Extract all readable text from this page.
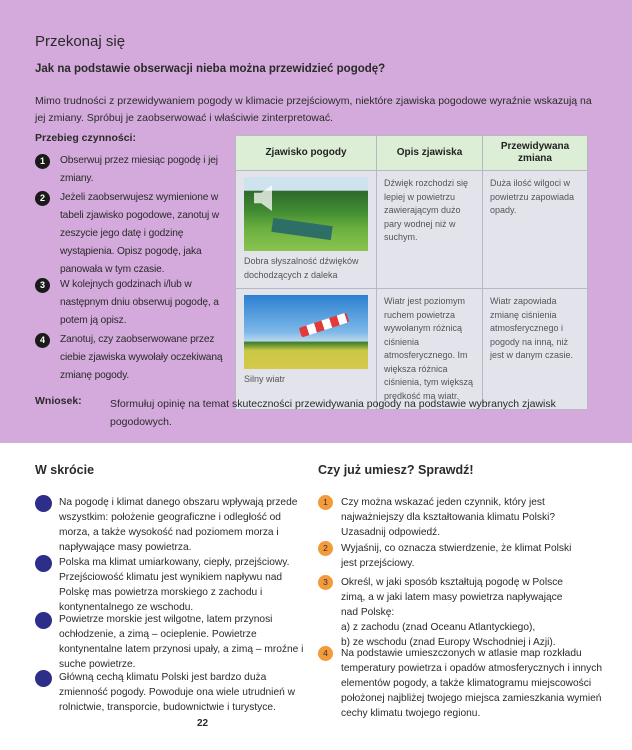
Przekonaj się
Jak na podstawie obserwacji nieba można przewidzieć pogodę?
Mimo trudności z przewidywaniem pogody w klimacie przejściowym, niektóre zjawiska pogodowe wyraźnie wskazują na jej zmiany. Spróbuj je zaobserwować i właściwie zinterpretować.
Przebieg czynności:
1	Obserwuj przez miesiąc pogodę i jej zmiany.
2	Jeżeli zaobserwujesz wymienione w tabeli zjawisko pogodowe, zanotuj w zeszycie jego datę i godzinę wystąpienia. Opisz pogodę, jaka panowała w tym czasie.
3	W kolejnych godzinach i/lub w następnym dniu obserwuj pogodę, a potem ją opisz.
4	Zanotuj, czy zaobserwowane przez ciebie zjawiska wywołały oczekiwaną zmianę pogody.
Zjawisko pogody	Opis zjawiska	Przewidywana zmiana

Dobra słyszalność dźwięków dochodzących z daleka	Dźwięk rozchodzi się lepiej w powietrzu zawierającym dużo pary wodnej niż w suchym.	Duża ilość wilgoci w powietrzu zapowiada opady.

Silny wiatr	Wiatr jest poziomym ruchem powietrza wywołanym różnicą ciśnienia atmosferycznego. Im większa różnica ciśnienia, tym większą prędkość ma wiatr.	Wiatr zapowiada zmianę ciśnienia atmosferycznego i pogody na inną, niż jest w danym czasie.
Wniosek:	Sformułuj opinię na temat skuteczności przewidywania pogody na podstawie wybranych zjawisk pogodowych.
W skrócie
Na pogodę i klimat danego obszaru wpływają przede wszystkim: położenie geograficzne i odległość od morza, a także wysokość nad poziomem morza i napływające masy powietrza.
Polska ma klimat umiarkowany, ciepły, przejściowy. Przejściowość klimatu jest wynikiem napływu nad Polskę mas powietrza morskiego z zachodu i kontynentalnego ze wschodu.
Powietrze morskie jest wilgotne, latem przynosi ochłodzenie, a zimą – ocieplenie. Powietrze kontynentalne latem przynosi upały, a zimą – mroźne i suche powietrze.
Główną cechą klimatu Polski jest bardzo duża zmienność pogody. Powoduje ona wiele utrudnień w rolnictwie, transporcie, budownictwie i turystyce.
Czy już umiesz? Sprawdź!
1	Czy można wskazać jeden czynnik, który jest najważniejszy dla kształtowania klimatu Polski? Uzasadnij odpowiedź.
2	Wyjaśnij, co oznacza stwierdzenie, że klimat Polski jest przejściowy.
3	Określ, w jaki sposób kształtują pogodę w Polsce zimą, a w jaki latem masy powietrza napływające nad Polskę:
a) z zachodu (znad Oceanu Atlantyckiego),
b) ze wschodu (znad Europy Wschodniej i Azji).
4	Na podstawie umieszczonych w atlasie map rozkładu temperatury powietrza i opadów atmosferycznych i innych elementów pogody, a także klimatogramu miejscowości położonej najbliżej twojego miejsca zamieszkania wymień cechy klimatu twojego regionu.
22
